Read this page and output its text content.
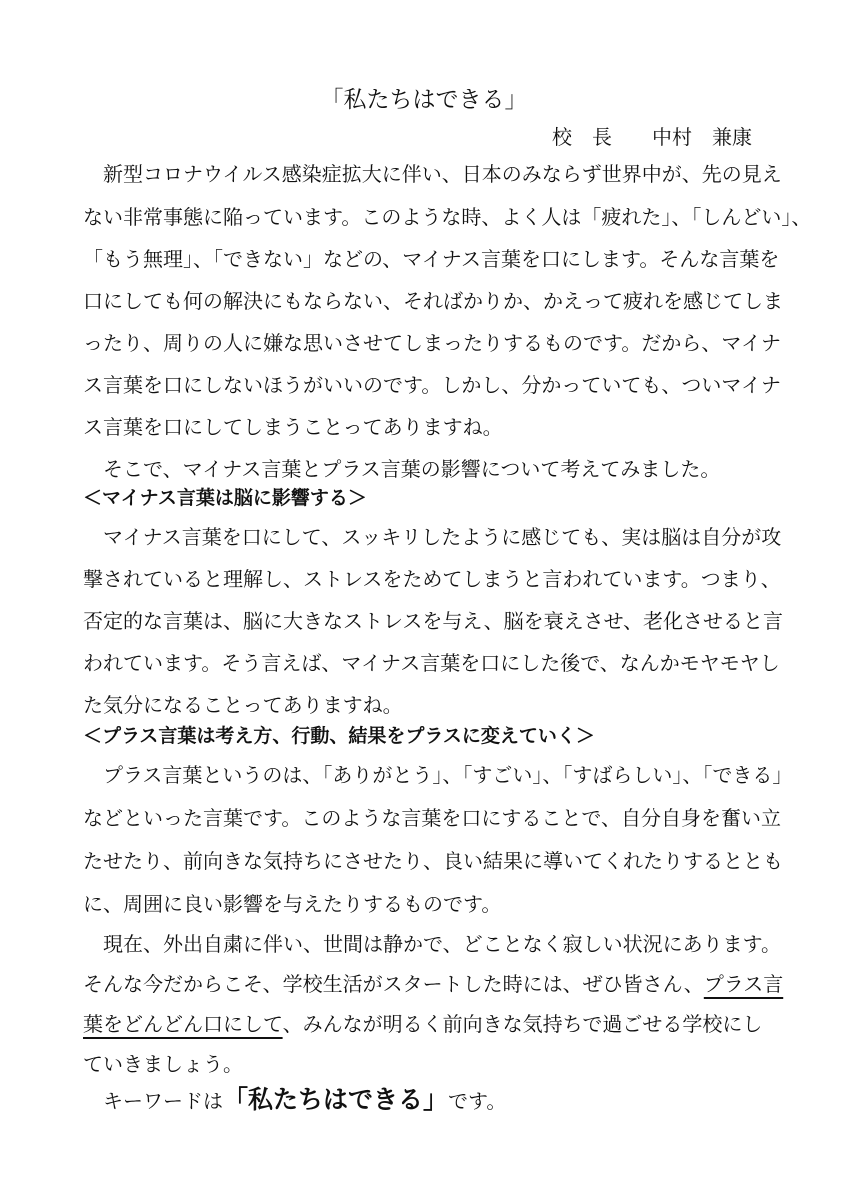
「私たちはできる」

校　長　　中村　兼康

　新型コロナウイルス感染症拡大に伴い、日本のみならず世界中が、先の見え

ない非常事態に陥っています。このような時、よく人は「疲れた」、「しんどい」、

「もう無理」、「できない」などの、マイナス言葉を口にします。そんな言葉を

口にしても何の解決にもならない、そればかりか、かえって疲れを感じてしま

ったり、周りの人に嫌な思いさせてしまったりするものです。だから、マイナ

ス言葉を口にしないほうがいいのです。しかし、分かっていても、ついマイナ

ス言葉を口にしてしまうことってありますね。

　そこで、マイナス言葉とプラス言葉の影響について考えてみました。

＜マイナス言葉は脳に影響する＞

　マイナス言葉を口にして、スッキリしたように感じても、実は脳は自分が攻

撃されていると理解し、ストレスをためてしまうと言われています。つまり、

否定的な言葉は、脳に大きなストレスを与え、脳を衰えさせ、老化させると言

われています。そう言えば、マイナス言葉を口にした後で、なんかモヤモヤし

た気分になることってありますね。

＜プラス言葉は考え方、行動、結果をプラスに変えていく＞

　プラス言葉というのは、「ありがとう」、「すごい」、「すばらしい」、「できる」

などといった言葉です。このような言葉を口にすることで、自分自身を奮い立

たせたり、前向きな気持ちにさせたり、良い結果に導いてくれたりするととも

に、周囲に良い影響を与えたりするものです。

　現在、外出自粛に伴い、世間は静かで、どことなく寂しい状況にあります。

そんな今だからこそ、学校生活がスタートした時には、ぜひ皆さん、プラス言

葉をどんどん口にして、みんなが明るく前向きな気持ちで過ごせる学校にし

ていきましょう。

　キーワードは「私たちはできる」です。
